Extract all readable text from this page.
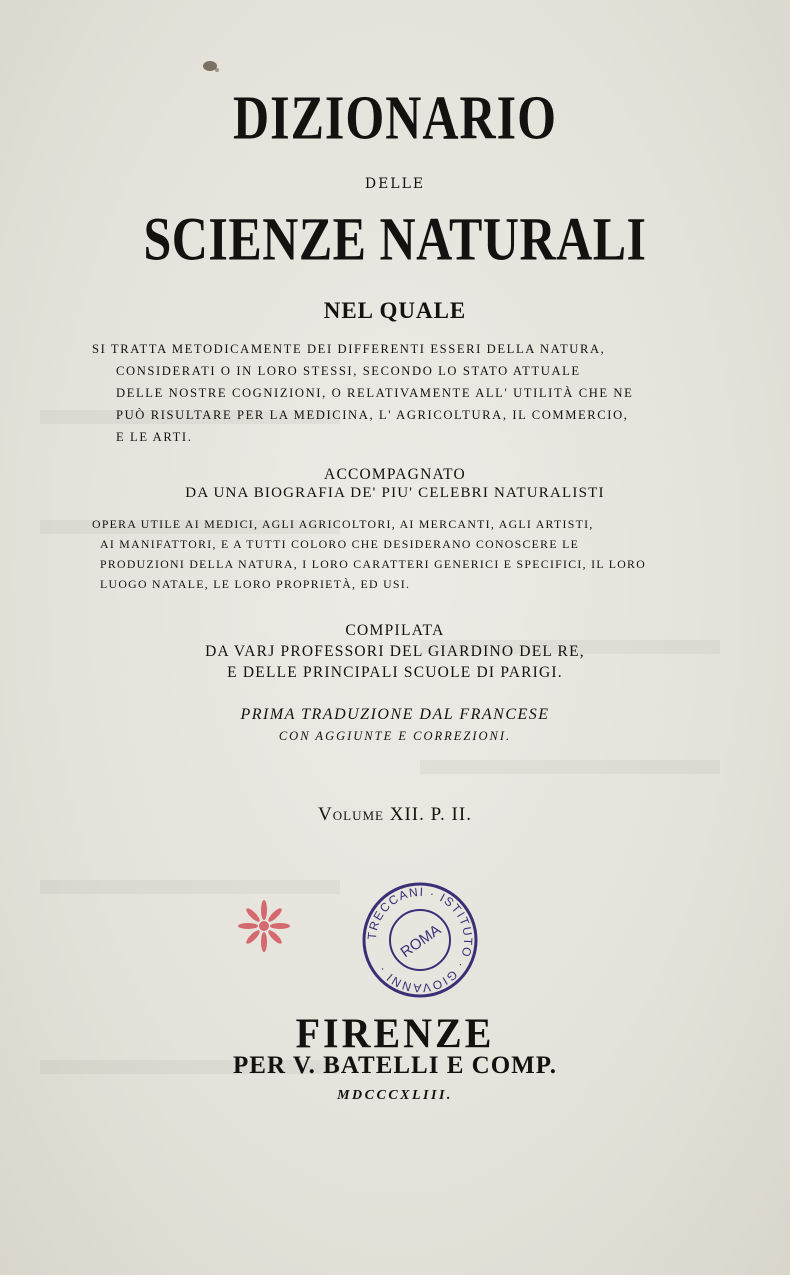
DIZIONARIO
DELLE
SCIENZE NATURALI
NEL QUALE
SI TRATTA METODICAMENTE DEI DIFFERENTI ESSERI DELLA NATURA,
CONSIDERATI O IN LORO STESSI, SECONDO LO STATO ATTUALE
DELLE NOSTRE COGNIZIONI, O RELATIVAMENTE ALL' UTILITÀ CHE NE
PUÒ RISULTARE PER LA MEDICINA, L' AGRICOLTURA, IL COMMERCIO,
E LE ARTI.
ACCOMPAGNATO
DA UNA BIOGRAFIA DE' PIU' CELEBRI NATURALISTI
OPERA UTILE AI MEDICI, AGLI AGRICOLTORI, AI MERCANTI, AGLI ARTISTI,
AI MANIFATTORI, E A TUTTI COLORO CHE DESIDERANO CONOSCERE LE
PRODUZIONI DELLA NATURA, I LORO CARATTERI GENERICI E SPECIFICI, IL LORO
LUOGO NATALE, LE LORO PROPRIETÀ, ED USI.
COMPILATA
DA VARJ PROFESSORI DEL GIARDINO DEL RE,
E DELLE PRINCIPALI SCUOLE DI PARIGI.
PRIMA TRADUZIONE DAL FRANCESE
CON AGGIUNTE E CORREZIONI.
Volume XII. P. II.
TRECCANI · ISTITUTO · GIOVANNI ·
ROMA
FIRENZE
PER V. BATELLI E COMP.
MDCCCXLIII.
